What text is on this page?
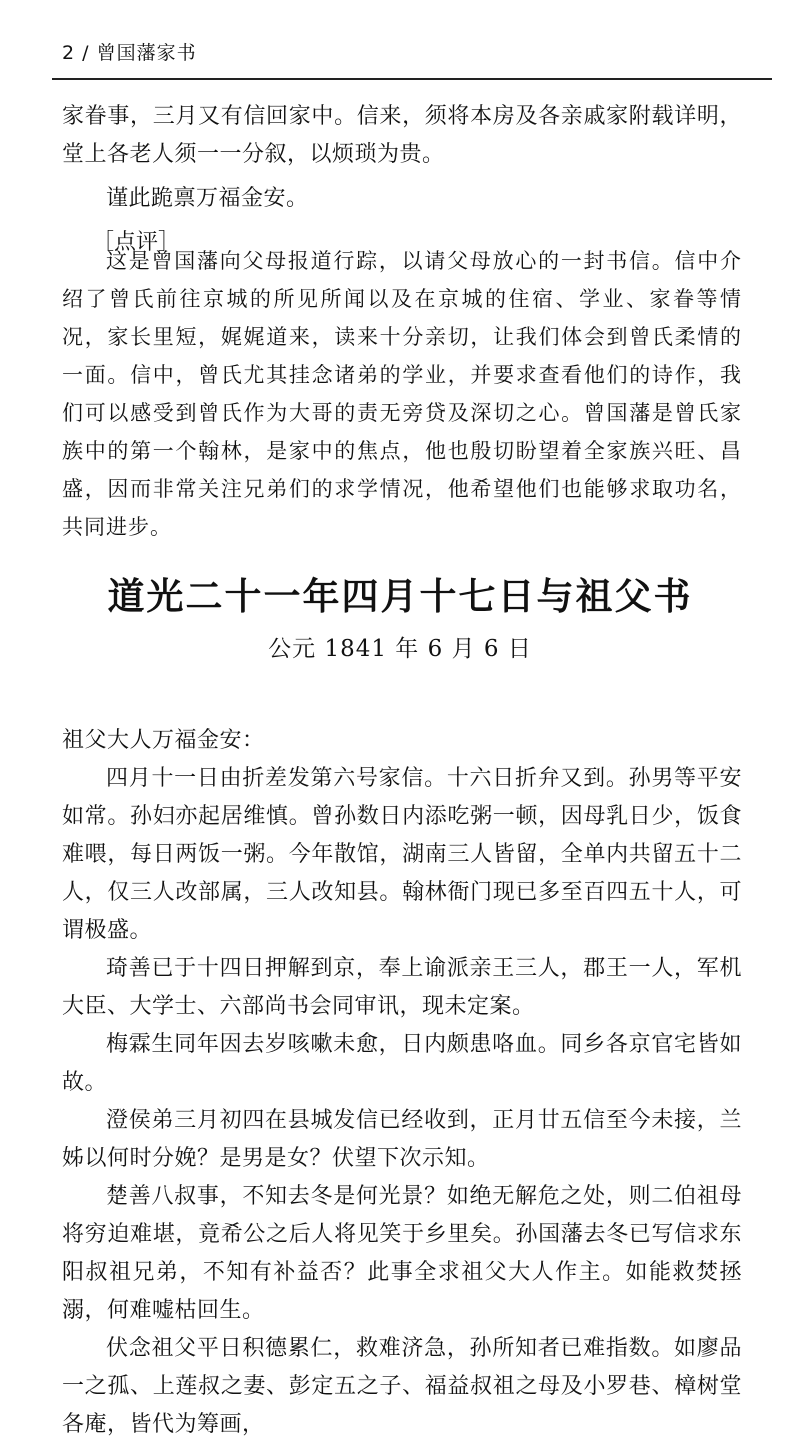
2 / 曾国藩家书

家眷事，三月又有信回家中。信来，须将本房及各亲戚家附载详明，堂上各老人须一一分叙，以烦琐为贵。

谨此跪禀万福金安。

［点评］

这是曾国藩向父母报道行踪，以请父母放心的一封书信。信中介绍了曾氏前往京城的所见所闻以及在京城的住宿、学业、家眷等情况，家长里短，娓娓道来，读来十分亲切，让我们体会到曾氏柔情的一面。信中，曾氏尤其挂念诸弟的学业，并要求查看他们的诗作，我们可以感受到曾氏作为大哥的责无旁贷及深切之心。曾国藩是曾氏家族中的第一个翰林，是家中的焦点，他也殷切盼望着全家族兴旺、昌盛，因而非常关注兄弟们的求学情况，他希望他们也能够求取功名，共同进步。

道光二十一年四月十七日与祖父书
公元 1841 年 6 月 6 日

祖父大人万福金安：

四月十一日由折差发第六号家信。十六日折弁又到。孙男等平安如常。孙妇亦起居维慎。曾孙数日内添吃粥一顿，因母乳日少，饭食难喂，每日两饭一粥。今年散馆，湖南三人皆留，全单内共留五十二人，仅三人改部属，三人改知县。翰林衙门现已多至百四五十人，可谓极盛。

琦善已于十四日押解到京，奉上谕派亲王三人，郡王一人，军机大臣、大学士、六部尚书会同审讯，现未定案。

梅霖生同年因去岁咳嗽未愈，日内颇患咯血。同乡各京官宅皆如故。

澄侯弟三月初四在县城发信已经收到，正月廿五信至今未接，兰姊以何时分娩？是男是女？伏望下次示知。

楚善八叔事，不知去冬是何光景？如绝无解危之处，则二伯祖母将穷迫难堪，竟希公之后人将见笑于乡里矣。孙国藩去冬已写信求东阳叔祖兄弟，不知有补益否？此事全求祖父大人作主。如能救焚拯溺，何难嘘枯回生。

伏念祖父平日积德累仁，救难济急，孙所知者已难指数。如廖品一之孤、上莲叔之妻、彭定五之子、福益叔祖之母及小罗巷、樟树堂各庵，皆代为筹画，
